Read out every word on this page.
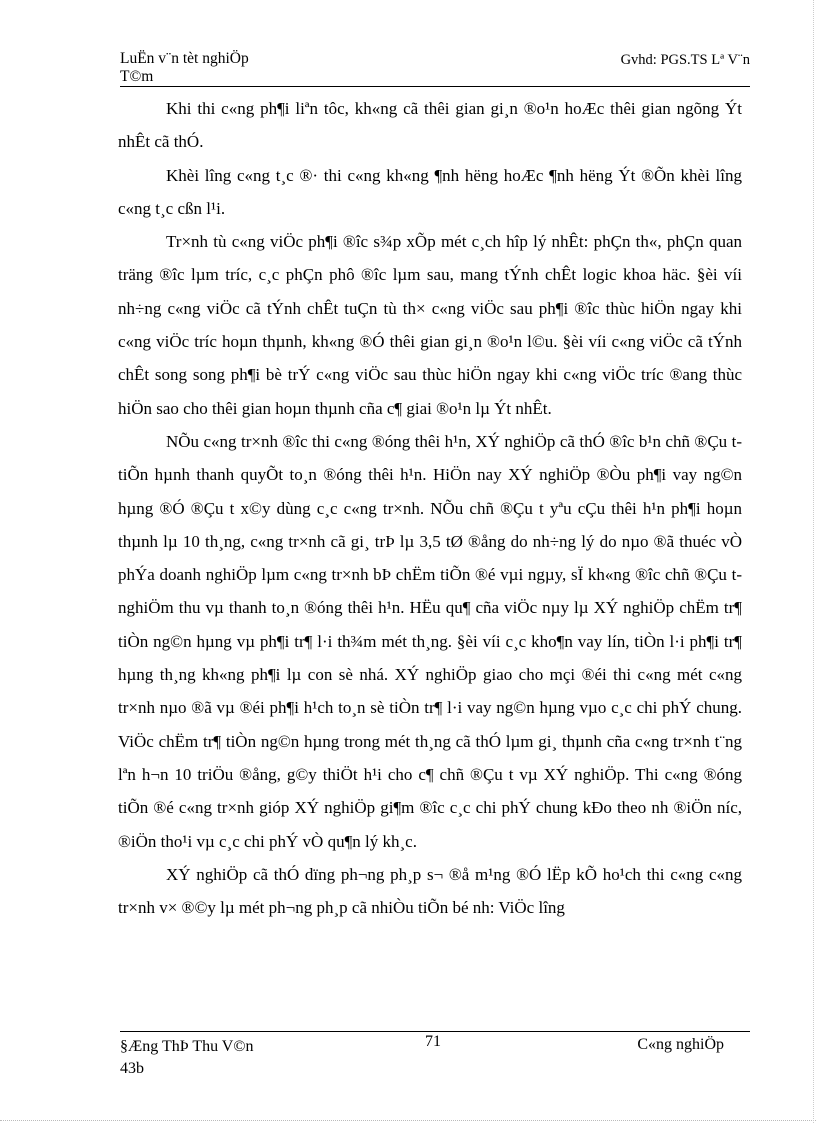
LuËn v¨n tèt nghiÖp
T©m
Gvhd: PGS.TS Lª V¨n

Khi thi c«ng ph¶i liªn tôc, kh«ng cã thêi gian gi¸n ®o¹n hoÆc thêi gian ngõng Ýt nhÊt cã thÓ.

Khèi lîng c«ng t¸c ®· thi c«ng kh«ng ¶nh hëng hoÆc ¶nh hëng Ýt ®Õn khèi lîng c«ng t¸c cßn l¹i.

Tr×nh tù c«ng viÖc ph¶i ®îc s¾p xÕp mét c¸ch hîp lý nhÊt: phÇn th«, phÇn quan träng ®îc lµm tríc, c¸c phÇn phô ®îc lµm sau, mang tÝnh chÊt logic khoa häc. §èi víi nh÷ng c«ng viÖc cã tÝnh chÊt tuÇn tù th× c«ng viÖc sau ph¶i ®îc thùc hiÖn ngay khi c«ng viÖc tríc hoµn thµnh, kh«ng ®Ó thêi gian gi¸n ®o¹n l©u. §èi víi c«ng viÖc cã tÝnh chÊt song song ph¶i bè trÝ c«ng viÖc sau thùc hiÖn ngay khi c«ng viÖc tríc ®ang thùc hiÖn sao cho thêi gian hoµn thµnh cña c¶ giai ®o¹n lµ Ýt nhÊt.

NÕu c«ng tr×nh ®îc thi c«ng ®óng thêi h¹n, XÝ nghiÖp cã thÓ ®îc b¹n chñ ®Çu t tiÕn hµnh thanh quyÕt to¸n ®óng thêi h¹n. HiÖn nay XÝ nghiÖp ®Òu ph¶i vay ng©n hµng ®Ó ®Çu t x©y dùng c¸c c«ng tr×nh. NÕu chñ ®Çu t yªu cÇu thêi h¹n ph¶i hoµn thµnh lµ 10 th¸ng, c«ng tr×nh cã gi¸ trÞ lµ 3,5 tØ ®ång do nh÷ng lý do nµo ®ã thuéc vÒ phÝa doanh nghiÖp lµm c«ng tr×nh bÞ chËm tiÕn ®é vµi ngµy, sÏ kh«ng ®îc chñ ®Çu t nghiÖm thu vµ thanh to¸n ®óng thêi h¹n. HËu qu¶ cña viÖc nµy lµ XÝ nghiÖp chËm tr¶ tiÒn ng©n hµng vµ ph¶i tr¶ l·i th¾m mét th¸ng. §èi víi c¸c kho¶n vay lín, tiÒn l·i ph¶i tr¶ hµng th¸ng kh«ng ph¶i lµ con sè nhá. XÝ nghiÖp giao cho mçi ®éi thi c«ng mét c«ng tr×nh nµo ®ã vµ ®éi ph¶i h¹ch to¸n sè tiÒn tr¶ l·i vay ng©n hµng vµo c¸c chi phÝ chung. ViÖc chËm tr¶ tiÒn ng©n hµng trong mét th¸ng cã thÓ lµm gi¸ thµnh cña c«ng tr×nh t¨ng lªn h¬n 10 triÖu ®ång, g©y thiÖt h¹i cho c¶ chñ ®Çu t vµ XÝ nghiÖp. Thi c«ng ®óng tiÕn ®é c«ng tr×nh gióp XÝ nghiÖp gi¶m ®îc c¸c chi phÝ chung kÐo theo nh ®iÖn níc, ®iÖn tho¹i vµ c¸c chi phÝ vÒ qu¶n lý kh¸c.

XÝ nghiÖp cã thÓ dïng ph¬ng ph¸p s¬ ®å m¹ng ®Ó lËp kÕ ho¹ch thi c«ng c«ng tr×nh v× ®©y lµ mét ph¬ng ph¸p cã nhiÒu tiÕn bé nh: ViÖc lîng

§Æng ThÞ Thu V©n
43b
71	C«ng nghiÖp
